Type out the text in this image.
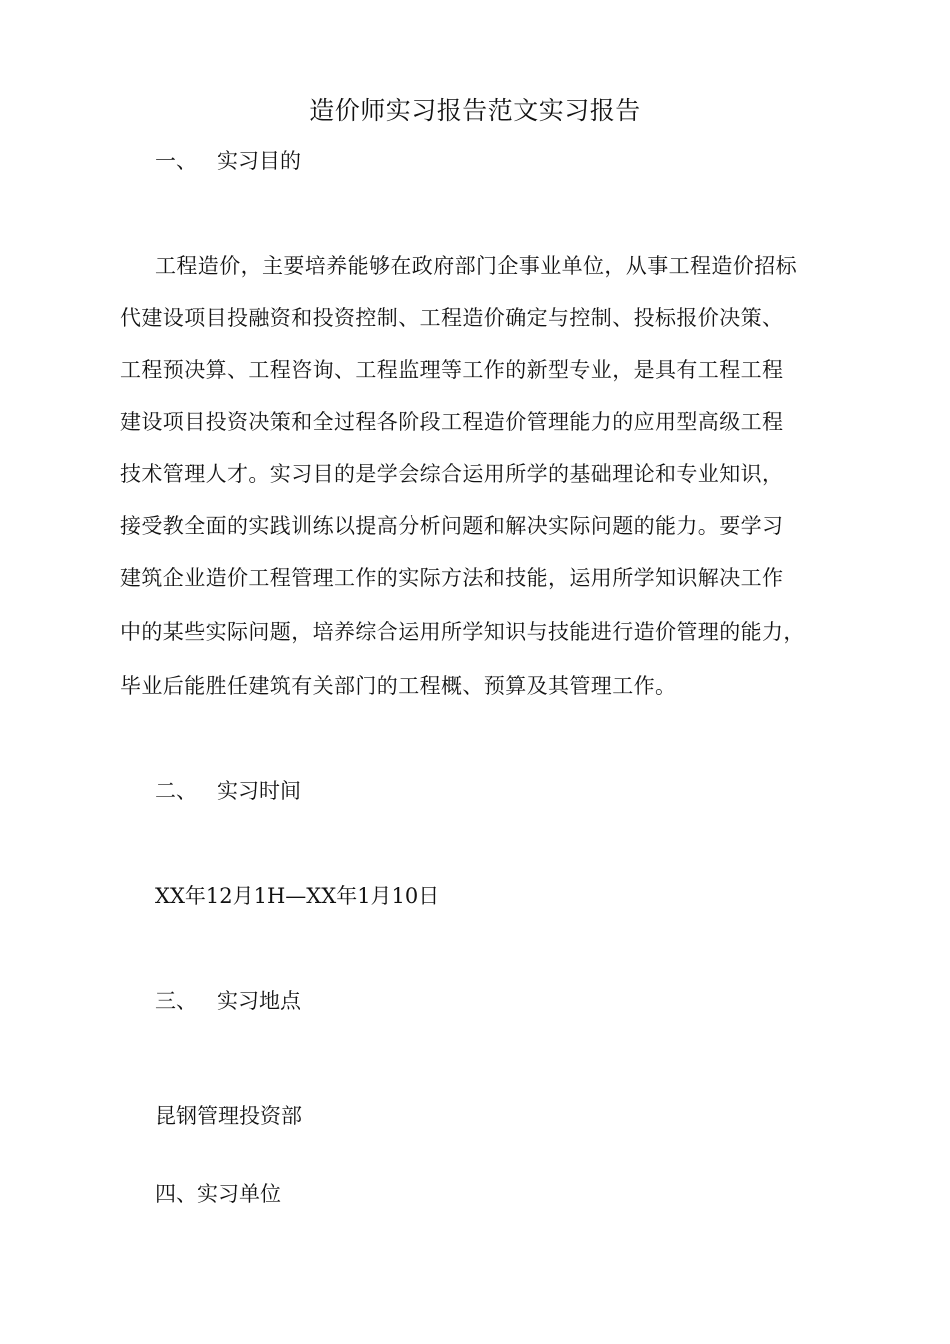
造价师实习报告范文实习报告
一、 实习目的
工程造价，主要培养能够在政府部门企事业单位，从事工程造价招标
代建设项目投融资和投资控制、工程造价确定与控制、投标报价决策、
工程预决算、工程咨询、工程监理等工作的新型专业，是具有工程工程
建设项目投资决策和全过程各阶段工程造价管理能力的应用型高级工程
技术管理人才。实习目的是学会综合运用所学的基础理论和专业知识，
接受教全面的实践训练以提高分析问题和解决实际问题的能力。要学习
建筑企业造价工程管理工作的实际方法和技能，运用所学知识解决工作
中的某些实际问题，培养综合运用所学知识与技能进行造价管理的能力，
毕业后能胜任建筑有关部门的工程概、预算及其管理工作。
二、 实习时间
XX年12月1H—XX年1月10日
三、 实习地点
昆钢管理投资部
四、实习单位
